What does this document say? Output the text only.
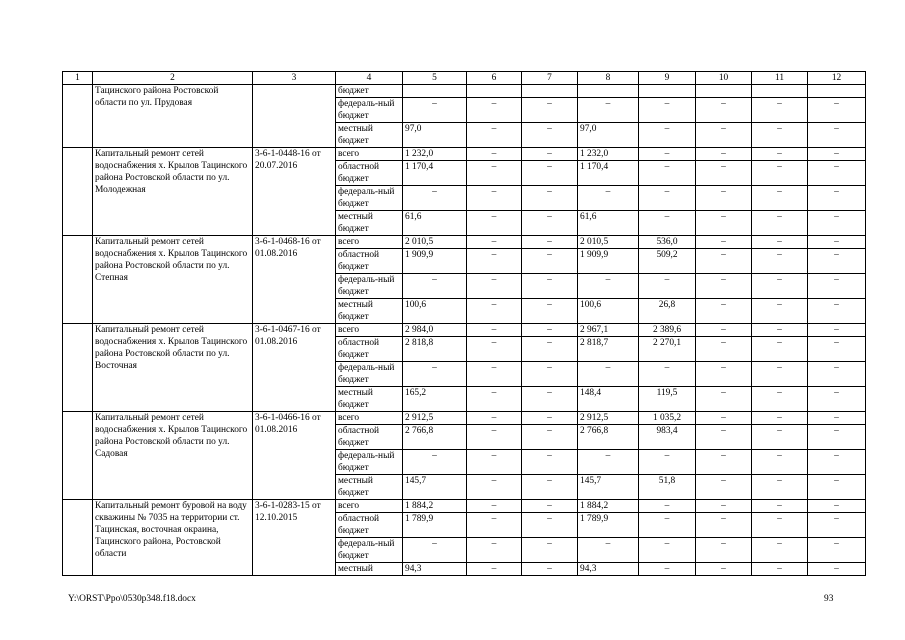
1	2	3	4	5	6	7	8	9	10	11	12
	Тацинского района Ростовской области по ул. Прудовая		бюджет								
			федераль-ный бюджет	–	–	–	–	–	–	–	–
			местный бюджет	97,0	–	–	97,0	–	–	–	–
	Капитальный ремонт сетей водоснабжения х. Крылов Тацинского района Ростовской области по ул. Молодежная	3-6-1-0448-16 от 20.07.2016	всего	1 232,0	–	–	1 232,0	–	–	–	–
			областной бюджет	1 170,4	–	–	1 170,4	–	–	–	–
			федераль-ный бюджет	–	–	–	–	–	–	–	–
			местный бюджет	61,6	–	–	61,6	–	–	–	–
	Капитальный ремонт сетей водоснабжения х. Крылов Тацинского района Ростовской области по ул. Степная	3-6-1-0468-16 от 01.08.2016	всего	2 010,5	–	–	2 010,5	536,0	–	–	–
			областной бюджет	1 909,9	–	–	1 909,9	509,2	–	–	–
			федераль-ный бюджет	–	–	–	–	–	–	–	–
			местный бюджет	100,6	–	–	100,6	26,8	–	–	–
	Капитальный ремонт сетей водоснабжения х. Крылов Тацинского района Ростовской области по ул. Восточная	3-6-1-0467-16 от 01.08.2016	всего	2 984,0	–	–	2 967,1	2 389,6	–	–	–
			областной бюджет	2 818,8	–	–	2 818,7	2 270,1	–	–	–
			федераль-ный бюджет	–	–	–	–	–	–	–	–
			местный бюджет	165,2	–	–	148,4	119,5	–	–	–
	Капитальный ремонт сетей водоснабжения х. Крылов Тацинского района Ростовской области по ул. Садовая	3-6-1-0466-16 от 01.08.2016	всего	2 912,5	–	–	2 912,5	1 035,2	–	–	–
			областной бюджет	2 766,8	–	–	2 766,8	983,4	–	–	–
			федераль-ный бюджет	–	–	–	–	–	–	–	–
			местный бюджет	145,7	–	–	145,7	51,8	–	–	–
	Капитальный ремонт буровой на воду скважины № 7035 на территории ст. Тацинская, восточная окраина, Тацинского района, Ростовской области	3-6-1-0283-15 от 12.10.2015	всего	1 884,2	–	–	1 884,2	–	–	–	–
			областной бюджет	1 789,9	–	–	1 789,9	–	–	–	–
			федераль-ный бюджет	–	–	–	–	–	–	–	–
			местный	94,3	–	–	94,3	–	–	–	–
Y:\ORST\Ppo\0530p348.f18.docx	93
